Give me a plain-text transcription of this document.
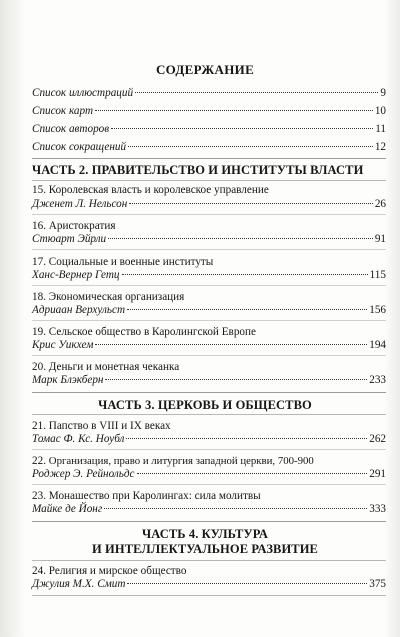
СОДЕРЖАНИЕ
Список иллюстраций	9
Список карт	10
Список авторов	11
Список сокращений	12
ЧАСТЬ 2. ПРАВИТЕЛЬСТВО И ИНСТИТУТЫ ВЛАСТИ
15.
Королевская власть и королевское управление
Дженет Л. Нельсон	26
16.
Аристократия
Стюарт Эйрли	91
17.
Социальные и военные институты
Ханс-Вернер Гетц	115
18.
Экономическая организация
Адриаан Верхульст	156
19.
Сельское общество в Каролингской Европе
Крис Уикхем	194
20.
Деньги и монетная чеканка
Марк Блэкберн	233
ЧАСТЬ 3. ЦЕРКОВЬ И ОБЩЕСТВО
21.
Папство в VIII и IX веках
Томас Ф. Кс. Ноубл	262
22.
Организация, право и литургия западной церкви, 700-900
Роджер Э. Рейнольдс	291
23.
Монашество при Каролингах: сила молитвы
Майке де Йонг	333
ЧАСТЬ 4. КУЛЬТУРА
И ИНТЕЛЛЕКТУАЛЬНОЕ РАЗВИТИЕ
24.
Религия и мирское общество
Джулия М.Х. Смит	375
